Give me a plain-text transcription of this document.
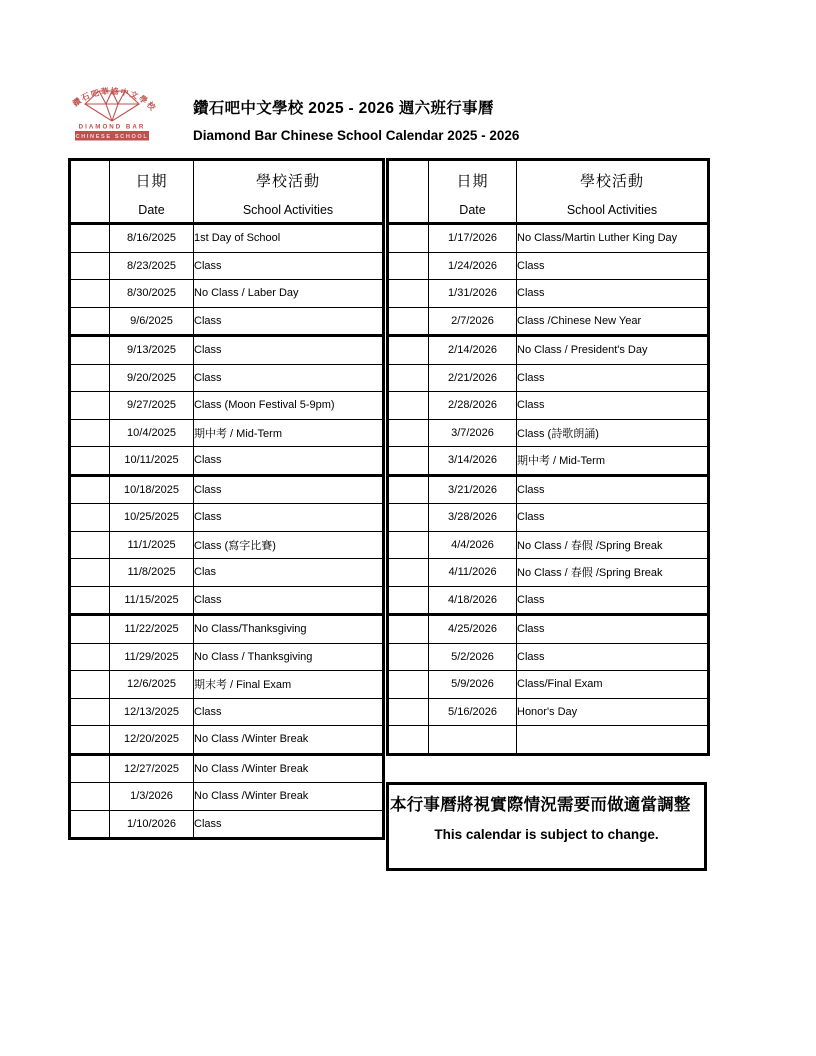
鑽石吧華協中文學校
DIAMOND BAR
CHINESE SCHOOL
鑽石吧中文學校 2025 - 2026 週六班行事曆
Diamond Bar Chinese School Calendar 2025 - 2026

日期
Date

學校活動
School Activities

	8/16/2025	1st Day of School
	8/23/2025	Class
	8/30/2025	No Class / Laber Day
	9/6/2025	Class
	9/13/2025	Class
	9/20/2025	Class
	9/27/2025	Class (Moon Festival 5-9pm)
	10/4/2025	期中考 / Mid-Term
	10/11/2025	Class
	10/18/2025	Class
	10/25/2025	Class
	11/1/2025	Class (寫字比賽)
	11/8/2025	Clas
	11/15/2025	Class
	11/22/2025	No Class/Thanksgiving
	11/29/2025	No Class / Thanksgiving
	12/6/2025	期末考 / Final Exam
	12/13/2025	Class
	12/20/2025	No Class /Winter Break
	12/27/2025	No Class /Winter Break
	1/3/2026	No Class /Winter Break
	1/10/2026	Class

日期
Date

學校活動
School Activities

	1/17/2026	No Class/Martin Luther King Day
	1/24/2026	Class
	1/31/2026	Class
	2/7/2026	Class /Chinese New Year
	2/14/2026	No Class / President's Day
	2/21/2026	Class
	2/28/2026	Class
	3/7/2026	Class (詩歌朗誦)
	3/14/2026	期中考 / Mid-Term
	3/21/2026	Class
	3/28/2026	Class
	4/4/2026	No Class / 春假 /Spring Break
	4/11/2026	No Class / 春假 /Spring Break
	4/18/2026	Class
	4/25/2026	Class
	5/2/2026	Class
	5/9/2026	Class/Final Exam
	5/16/2026	Honor's Day

本行事曆將視實際情況需要而做適當調整
This calendar is subject to change.
